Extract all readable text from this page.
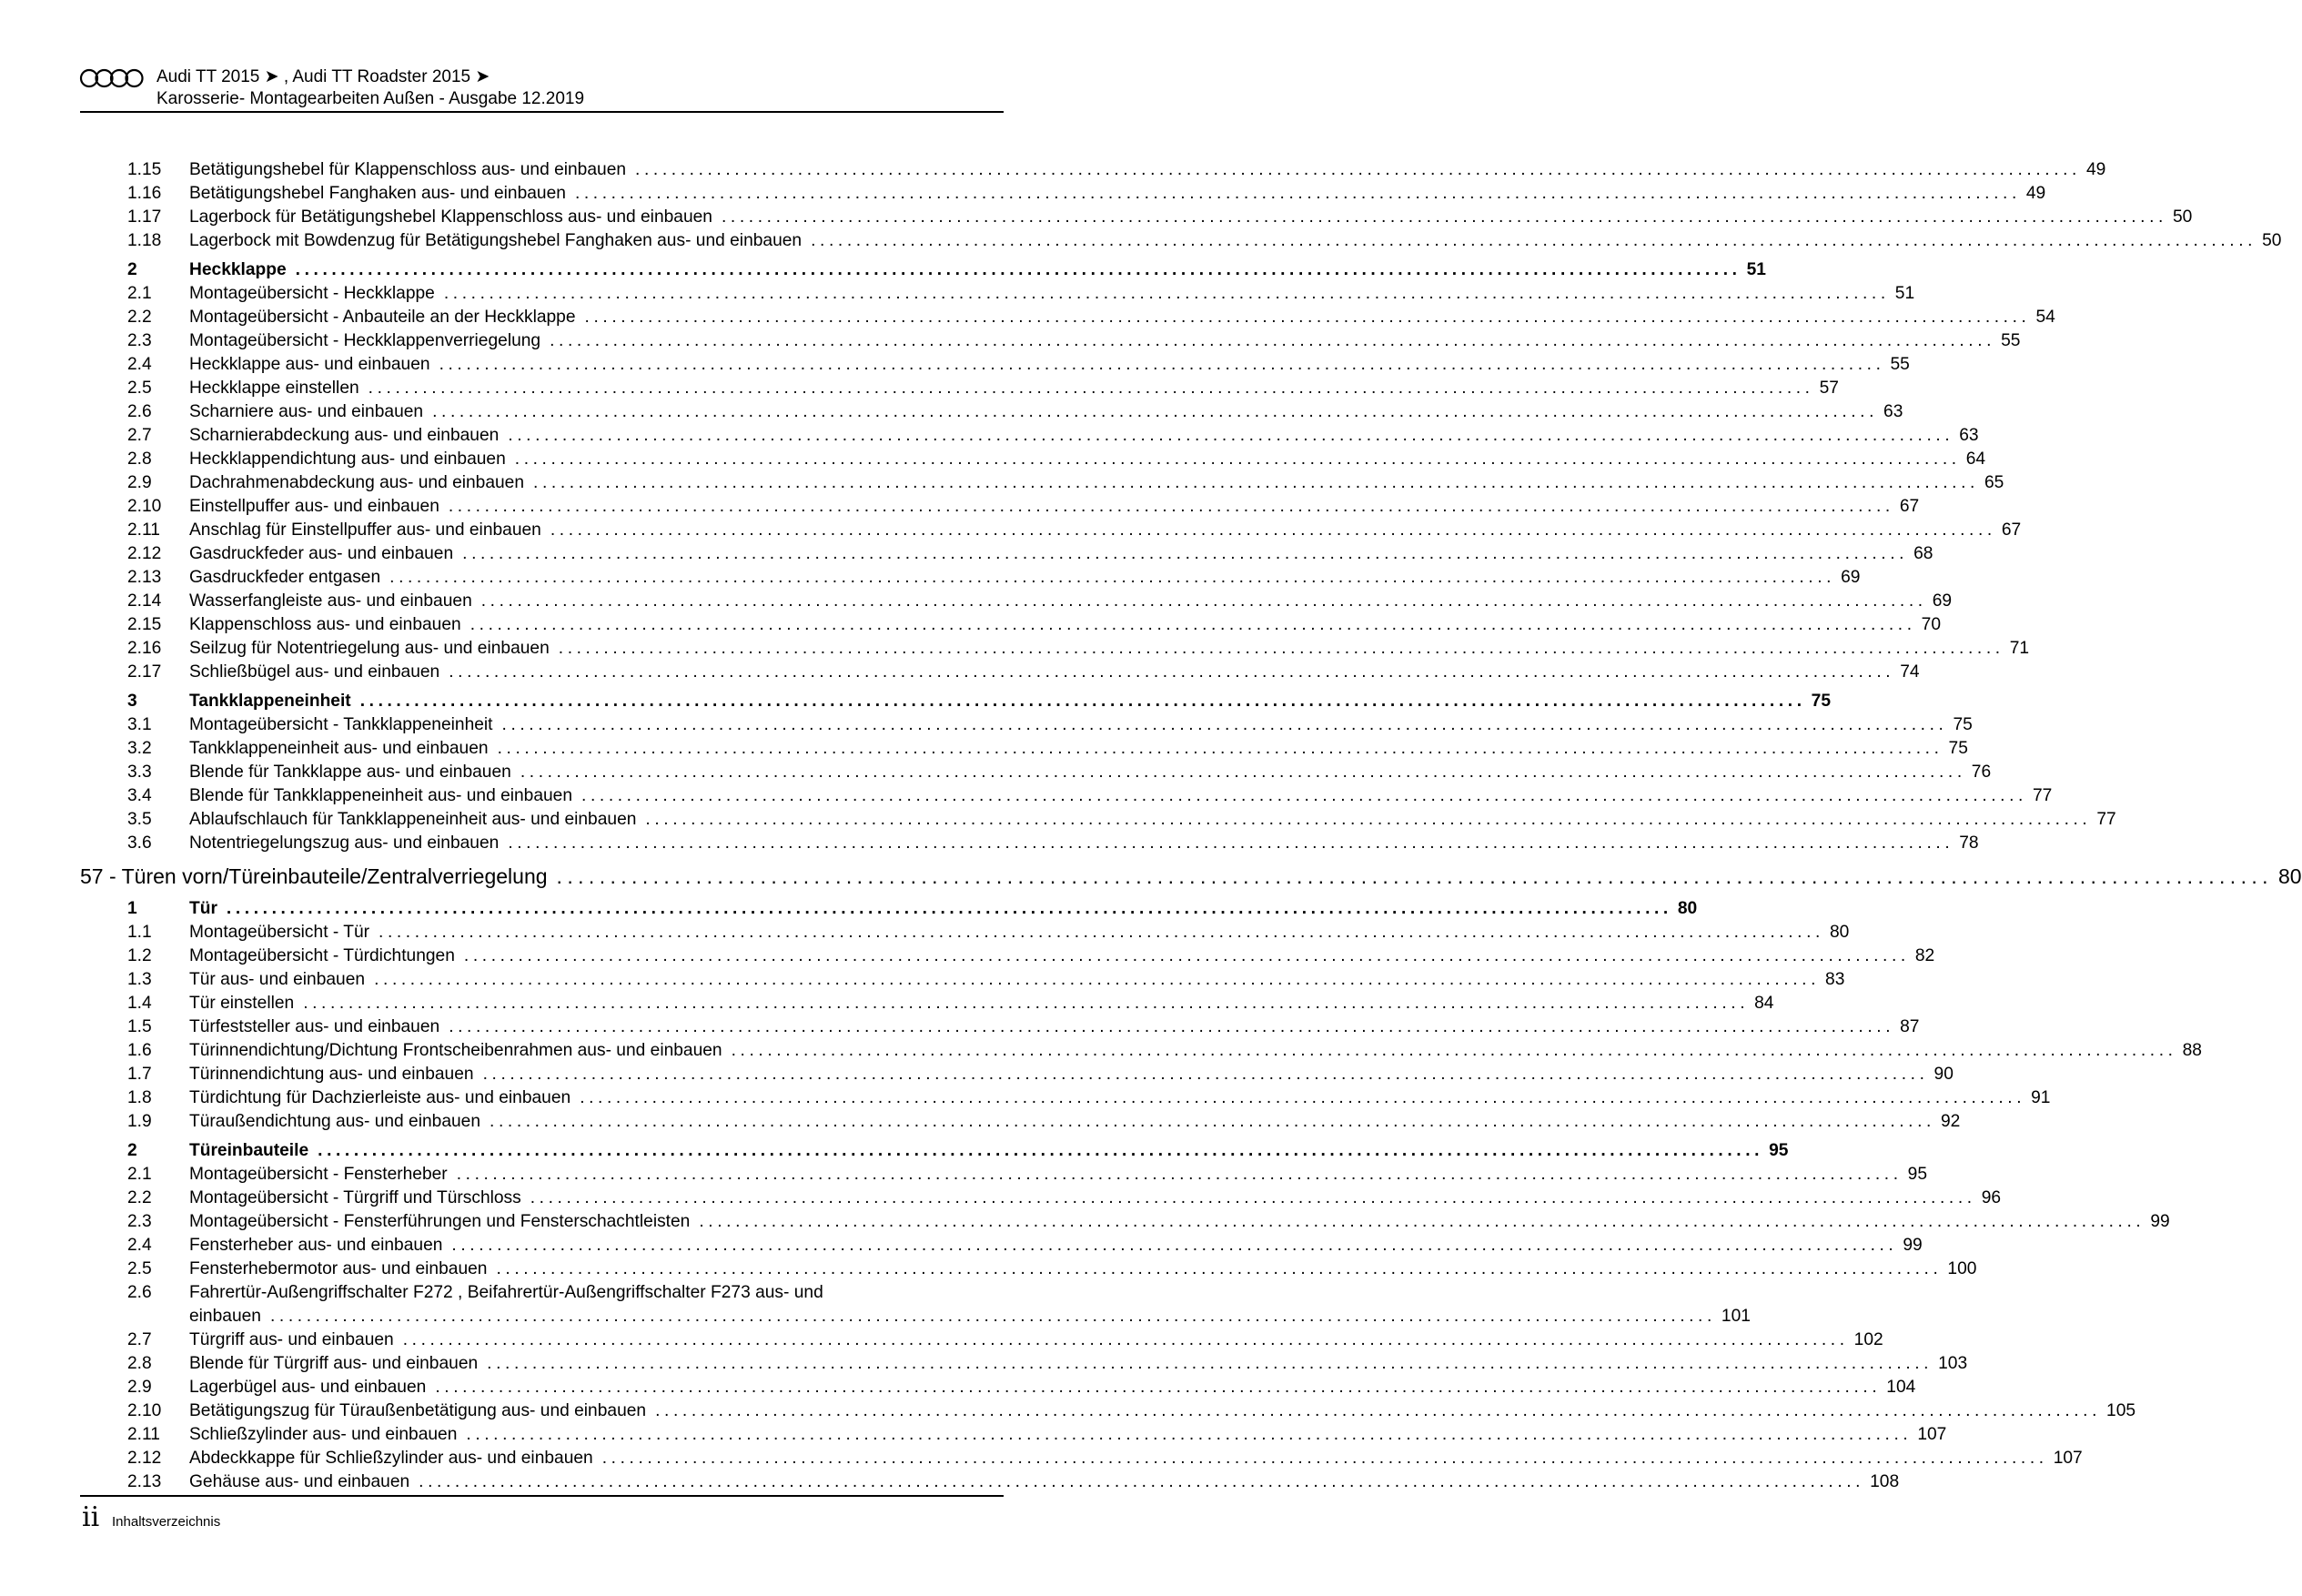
Audi TT 2015 ➤ , Audi TT Roadster 2015 ➤
Karosserie- Montagearbeiten Außen - Ausgabe 12.2019
1.15 Betätigungshebel für Klappenschloss aus- und einbauen ................................................................................................................................................................ 49
1.16 Betätigungshebel Fanghaken aus- und einbauen ................................................................................................................................................................ 49
1.17 Lagerbock für Betätigungshebel Klappenschloss aus- und einbauen ................................................................................................................................................................ 50
1.18 Lagerbock mit Bowdenzug für Betätigungshebel Fanghaken aus- und einbauen ................................................................................................................................................................ 50
2	Heckklappe ................................................................................................................................................................ 51
2.1 Montageübersicht - Heckklappe ................................................................................................................................................................ 51
2.2 Montageübersicht - Anbauteile an der Heckklappe ................................................................................................................................................................ 54
2.3 Montageübersicht - Heckklappenverriegelung ................................................................................................................................................................ 55
2.4 Heckklappe aus- und einbauen ................................................................................................................................................................ 55
2.5 Heckklappe einstellen ................................................................................................................................................................ 57
2.6 Scharniere aus- und einbauen ................................................................................................................................................................ 63
2.7 Scharnierabdeckung aus- und einbauen ................................................................................................................................................................ 63
2.8 Heckklappendichtung aus- und einbauen ................................................................................................................................................................ 64
2.9 Dachrahmenabdeckung aus- und einbauen ................................................................................................................................................................ 65
2.10 Einstellpuffer aus- und einbauen ................................................................................................................................................................ 67
2.11 Anschlag für Einstellpuffer aus- und einbauen ................................................................................................................................................................ 67
2.12 Gasdruckfeder aus- und einbauen ................................................................................................................................................................ 68
2.13 Gasdruckfeder entgasen ................................................................................................................................................................ 69
2.14 Wasserfangleiste aus- und einbauen ................................................................................................................................................................ 69
2.15 Klappenschloss aus- und einbauen ................................................................................................................................................................ 70
2.16 Seilzug für Notentriegelung aus- und einbauen ................................................................................................................................................................ 71
2.17 Schließbügel aus- und einbauen ................................................................................................................................................................ 74
3	Tankklappeneinheit ................................................................................................................................................................ 75
3.1 Montageübersicht - Tankklappeneinheit ................................................................................................................................................................ 75
3.2 Tankklappeneinheit aus- und einbauen ................................................................................................................................................................ 75
3.3 Blende für Tankklappe aus- und einbauen ................................................................................................................................................................ 76
3.4 Blende für Tankklappeneinheit aus- und einbauen ................................................................................................................................................................ 77
3.5 Ablaufschlauch für Tankklappeneinheit aus- und einbauen ................................................................................................................................................................ 77
3.6 Notentriegelungszug aus- und einbauen ................................................................................................................................................................ 78
57 - Türen vorn/Türeinbauteile/Zentralverriegelung ................................................................................................................................................................ 80
1	Tür ................................................................................................................................................................ 80
1.1 Montageübersicht - Tür ................................................................................................................................................................ 80
1.2 Montageübersicht - Türdichtungen ................................................................................................................................................................ 82
1.3 Tür aus- und einbauen ................................................................................................................................................................ 83
1.4 Tür einstellen ................................................................................................................................................................ 84
1.5 Türfeststeller aus- und einbauen ................................................................................................................................................................ 87
1.6 Türinnendichtung/Dichtung Frontscheibenrahmen aus- und einbauen ................................................................................................................................................................ 88
1.7 Türinnendichtung aus- und einbauen ................................................................................................................................................................ 90
1.8 Türdichtung für Dachzierleiste aus- und einbauen ................................................................................................................................................................ 91
1.9 Türaußendichtung aus- und einbauen ................................................................................................................................................................ 92
2	Türeinbauteile ................................................................................................................................................................ 95
2.1 Montageübersicht - Fensterheber ................................................................................................................................................................ 95
2.2 Montageübersicht - Türgriff und Türschloss ................................................................................................................................................................ 96
2.3 Montageübersicht - Fensterführungen und Fensterschachtleisten ................................................................................................................................................................ 99
2.4 Fensterheber aus- und einbauen ................................................................................................................................................................ 99
2.5 Fensterhebermotor aus- und einbauen ................................................................................................................................................................ 100
2.6 Fahrertür-Außengriffschalter F272 , Beifahrertür-Außengriffschalter F273 aus- und
einbauen ................................................................................................................................................................ 101
2.7 Türgriff aus- und einbauen ................................................................................................................................................................ 102
2.8 Blende für Türgriff aus- und einbauen ................................................................................................................................................................ 103
2.9 Lagerbügel aus- und einbauen ................................................................................................................................................................ 104
2.10 Betätigungszug für Türaußenbetätigung aus- und einbauen ................................................................................................................................................................ 105
2.11 Schließzylinder aus- und einbauen ................................................................................................................................................................ 107
2.12 Abdeckkappe für Schließzylinder aus- und einbauen ................................................................................................................................................................ 107
2.13 Gehäuse aus- und einbauen ................................................................................................................................................................ 108
ii Inhaltsverzeichnis
